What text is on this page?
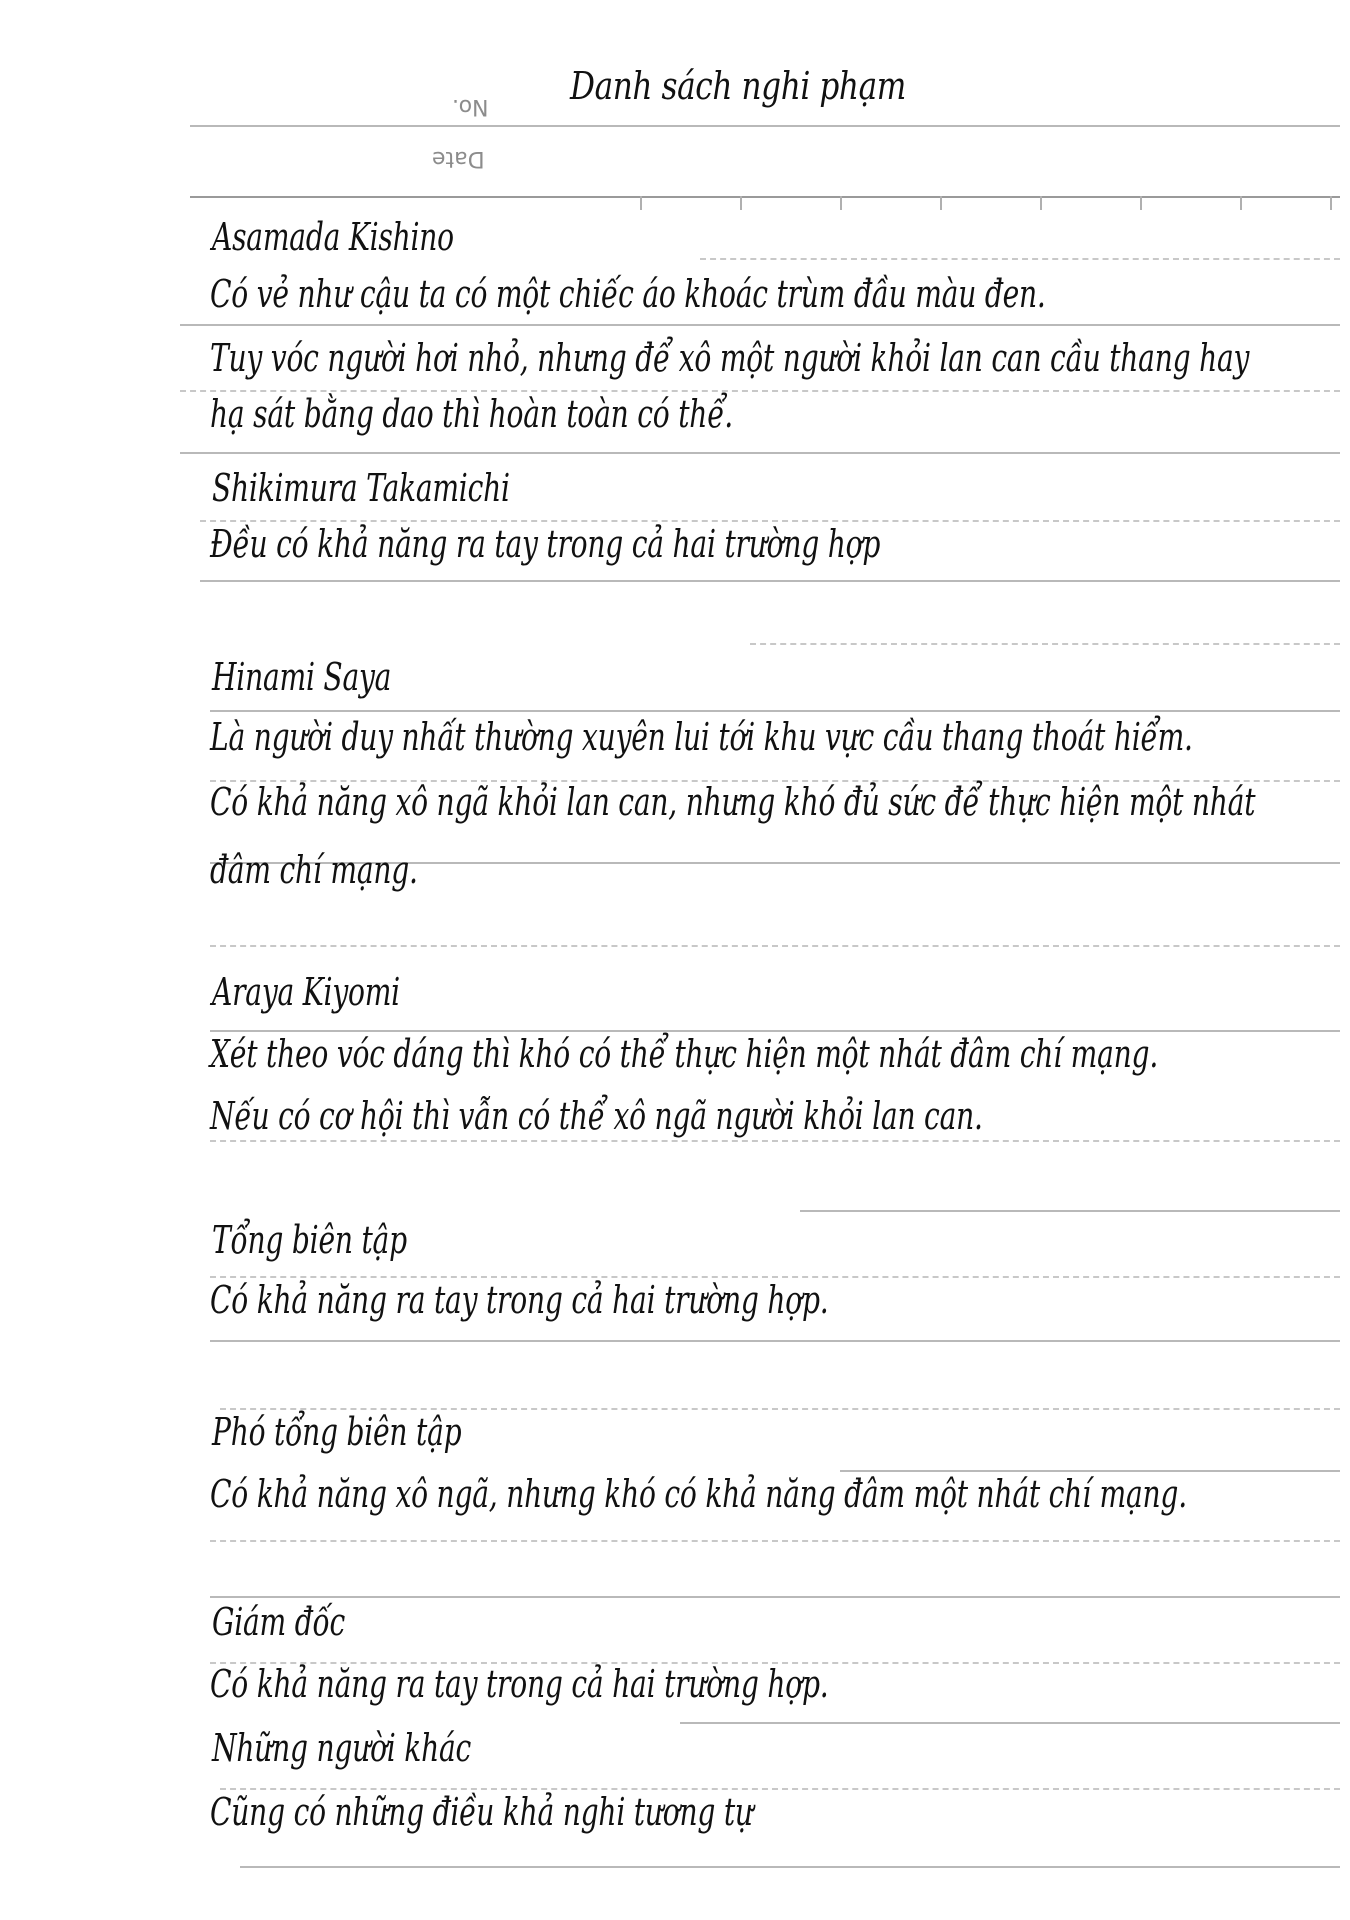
No.
Date
Danh sách nghi phạm
Asamada Kishino
Có vẻ như cậu ta có một chiếc áo khoác trùm đầu màu đen.
Tuy vóc người hơi nhỏ, nhưng để xô một người khỏi lan can cầu thang hay
hạ sát bằng dao thì hoàn toàn có thể.
Shikimura Takamichi
Đều có khả năng ra tay trong cả hai trường hợp
Hinami Saya
Là người duy nhất thường xuyên lui tới khu vực cầu thang thoát hiểm.
Có khả năng xô ngã khỏi lan can, nhưng khó đủ sức để thực hiện một nhát
đâm chí mạng.
Araya Kiyomi
Xét theo vóc dáng thì khó có thể thực hiện một nhát đâm chí mạng.
Nếu có cơ hội thì vẫn có thể xô ngã người khỏi lan can.
Tổng biên tập
Có khả năng ra tay trong cả hai trường hợp.
Phó tổng biên tập
Có khả năng xô ngã, nhưng khó có khả năng đâm một nhát chí mạng.
Giám đốc
Có khả năng ra tay trong cả hai trường hợp.
Những người khác
Cũng có những điều khả nghi tương tự
